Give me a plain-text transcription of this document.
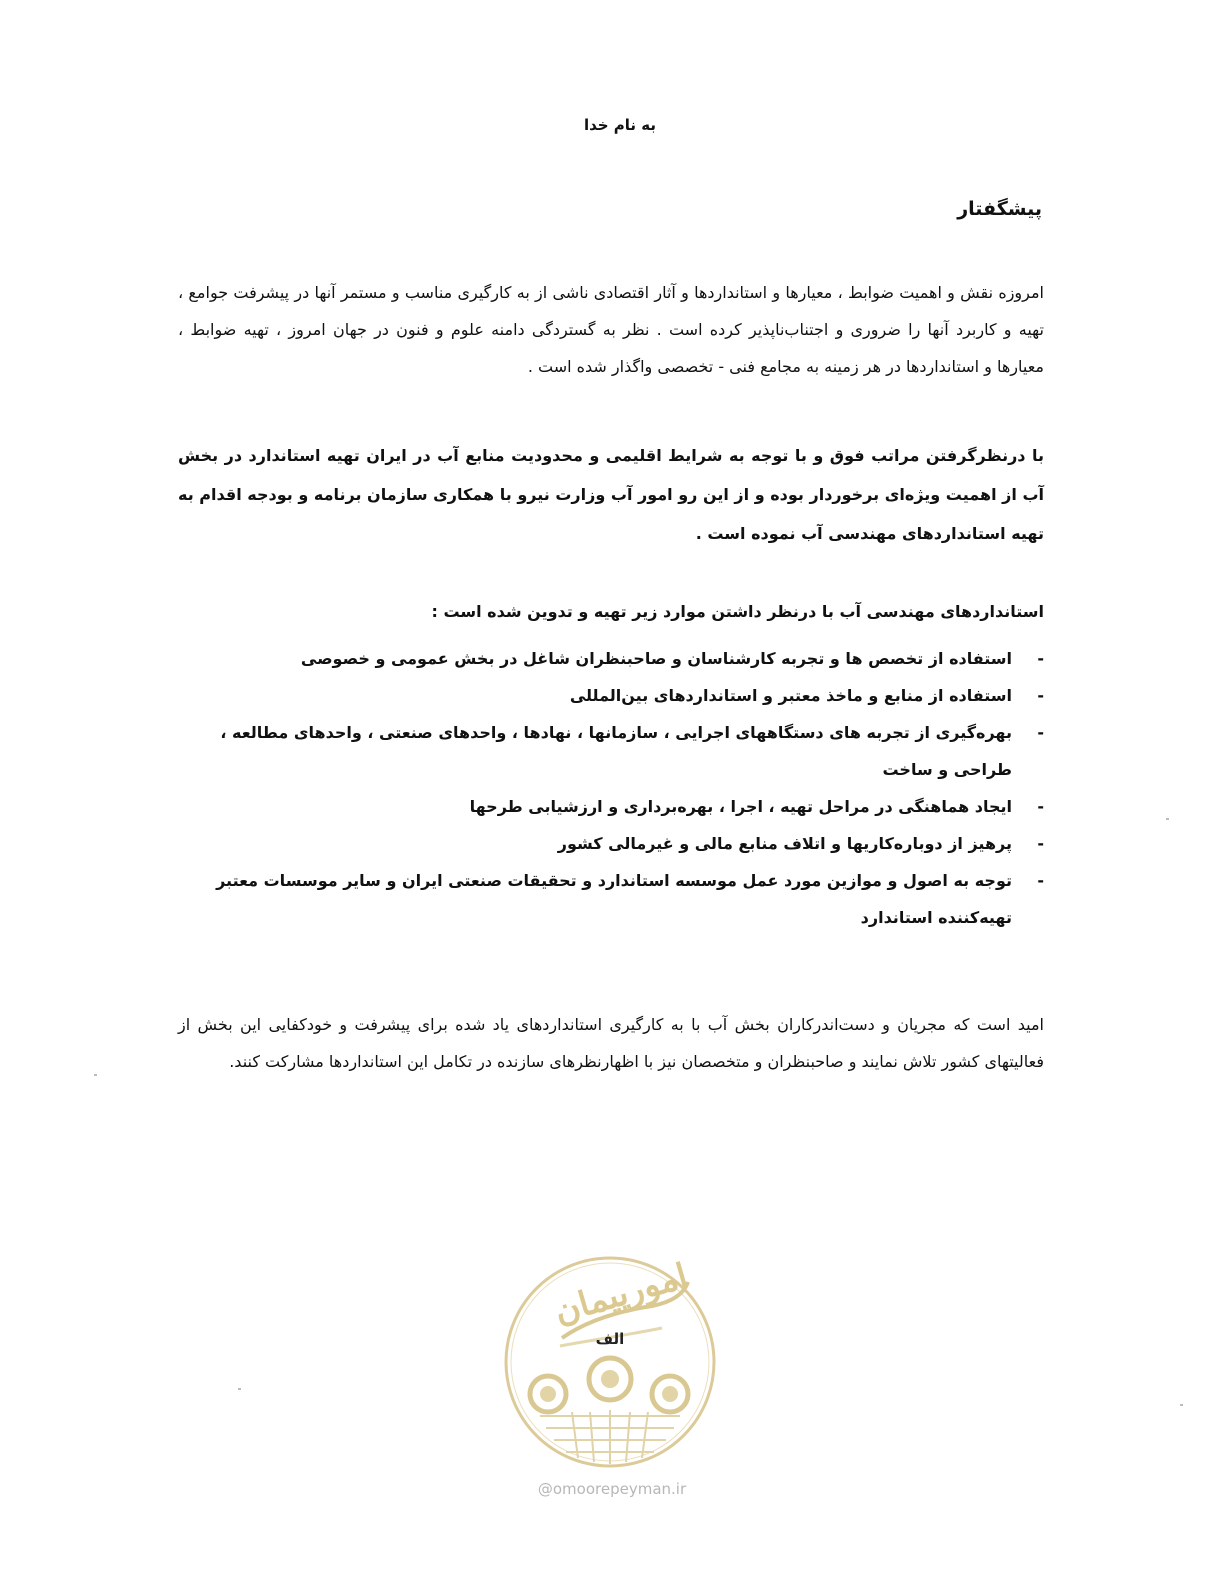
به نام خدا
پیشگفتار
امروزه نقش و اهمیت ضوابط ، معیارها و استانداردها و آثار اقتصادی ناشی از به کارگیری مناسب و مستمر آنها در پیشرفت جوامع ، تهیه و کاربرد آنها را ضروری و اجتناب‌ناپذیر کرده است . نظر به گستردگی دامنه علوم و فنون در جهان امروز ، تهیه ضوابط ، معیارها و استانداردها در هر زمینه به مجامع فنی - تخصصی واگذار شده است .
با درنظرگرفتن مراتب فوق و با توجه به شرایط اقلیمی و محدودیت منابع آب در ایران تهیه استاندارد در بخش آب از اهمیت ویژه‌ای برخوردار بوده و از این رو امور آب وزارت نیرو با همکاری سازمان برنامه و بودجه اقدام به تهیه استانداردهای مهندسی آب نموده است .
استانداردهای مهندسی آب با درنظر داشتن موارد زیر تهیه و تدوین شده است :
-
استفاده از تخصص ها و تجربه کارشناسان و صاحبنظران شاغل در بخش عمومی و خصوصی
-
استفاده از منابع و ماخذ معتبر و استانداردهای بین‌المللی
-
بهره‌گیری از تجربه های دستگاههای اجرایی ، سازمانها ، نهادها ، واحدهای صنعتی ، واحدهای مطالعه ، طراحی و ساخت
-
ایجاد هماهنگی در مراحل تهیه ، اجرا ، بهره‌برداری و ارزشیابی طرحها
-
پرهیز از دوباره‌کاریها و اتلاف منابع مالی و غیرمالی کشور
-
توجه به اصول و موازین مورد عمل موسسه استاندارد و تحقیقات صنعتی ایران و سایر موسسات معتبر تهیه‌کننده استاندارد
امید است که مجریان و دست‌اندرکاران بخش آب با به کارگیری استانداردهای یاد شده برای پیشرفت و خودکفایی این بخش از فعالیتهای کشور تلاش نمایند و صاحبنظران و متخصصان نیز با اظهارنظرهای سازنده در تکامل این استانداردها مشارکت کنند.
امورپیمان
الف
@omoorepeyman.ir
